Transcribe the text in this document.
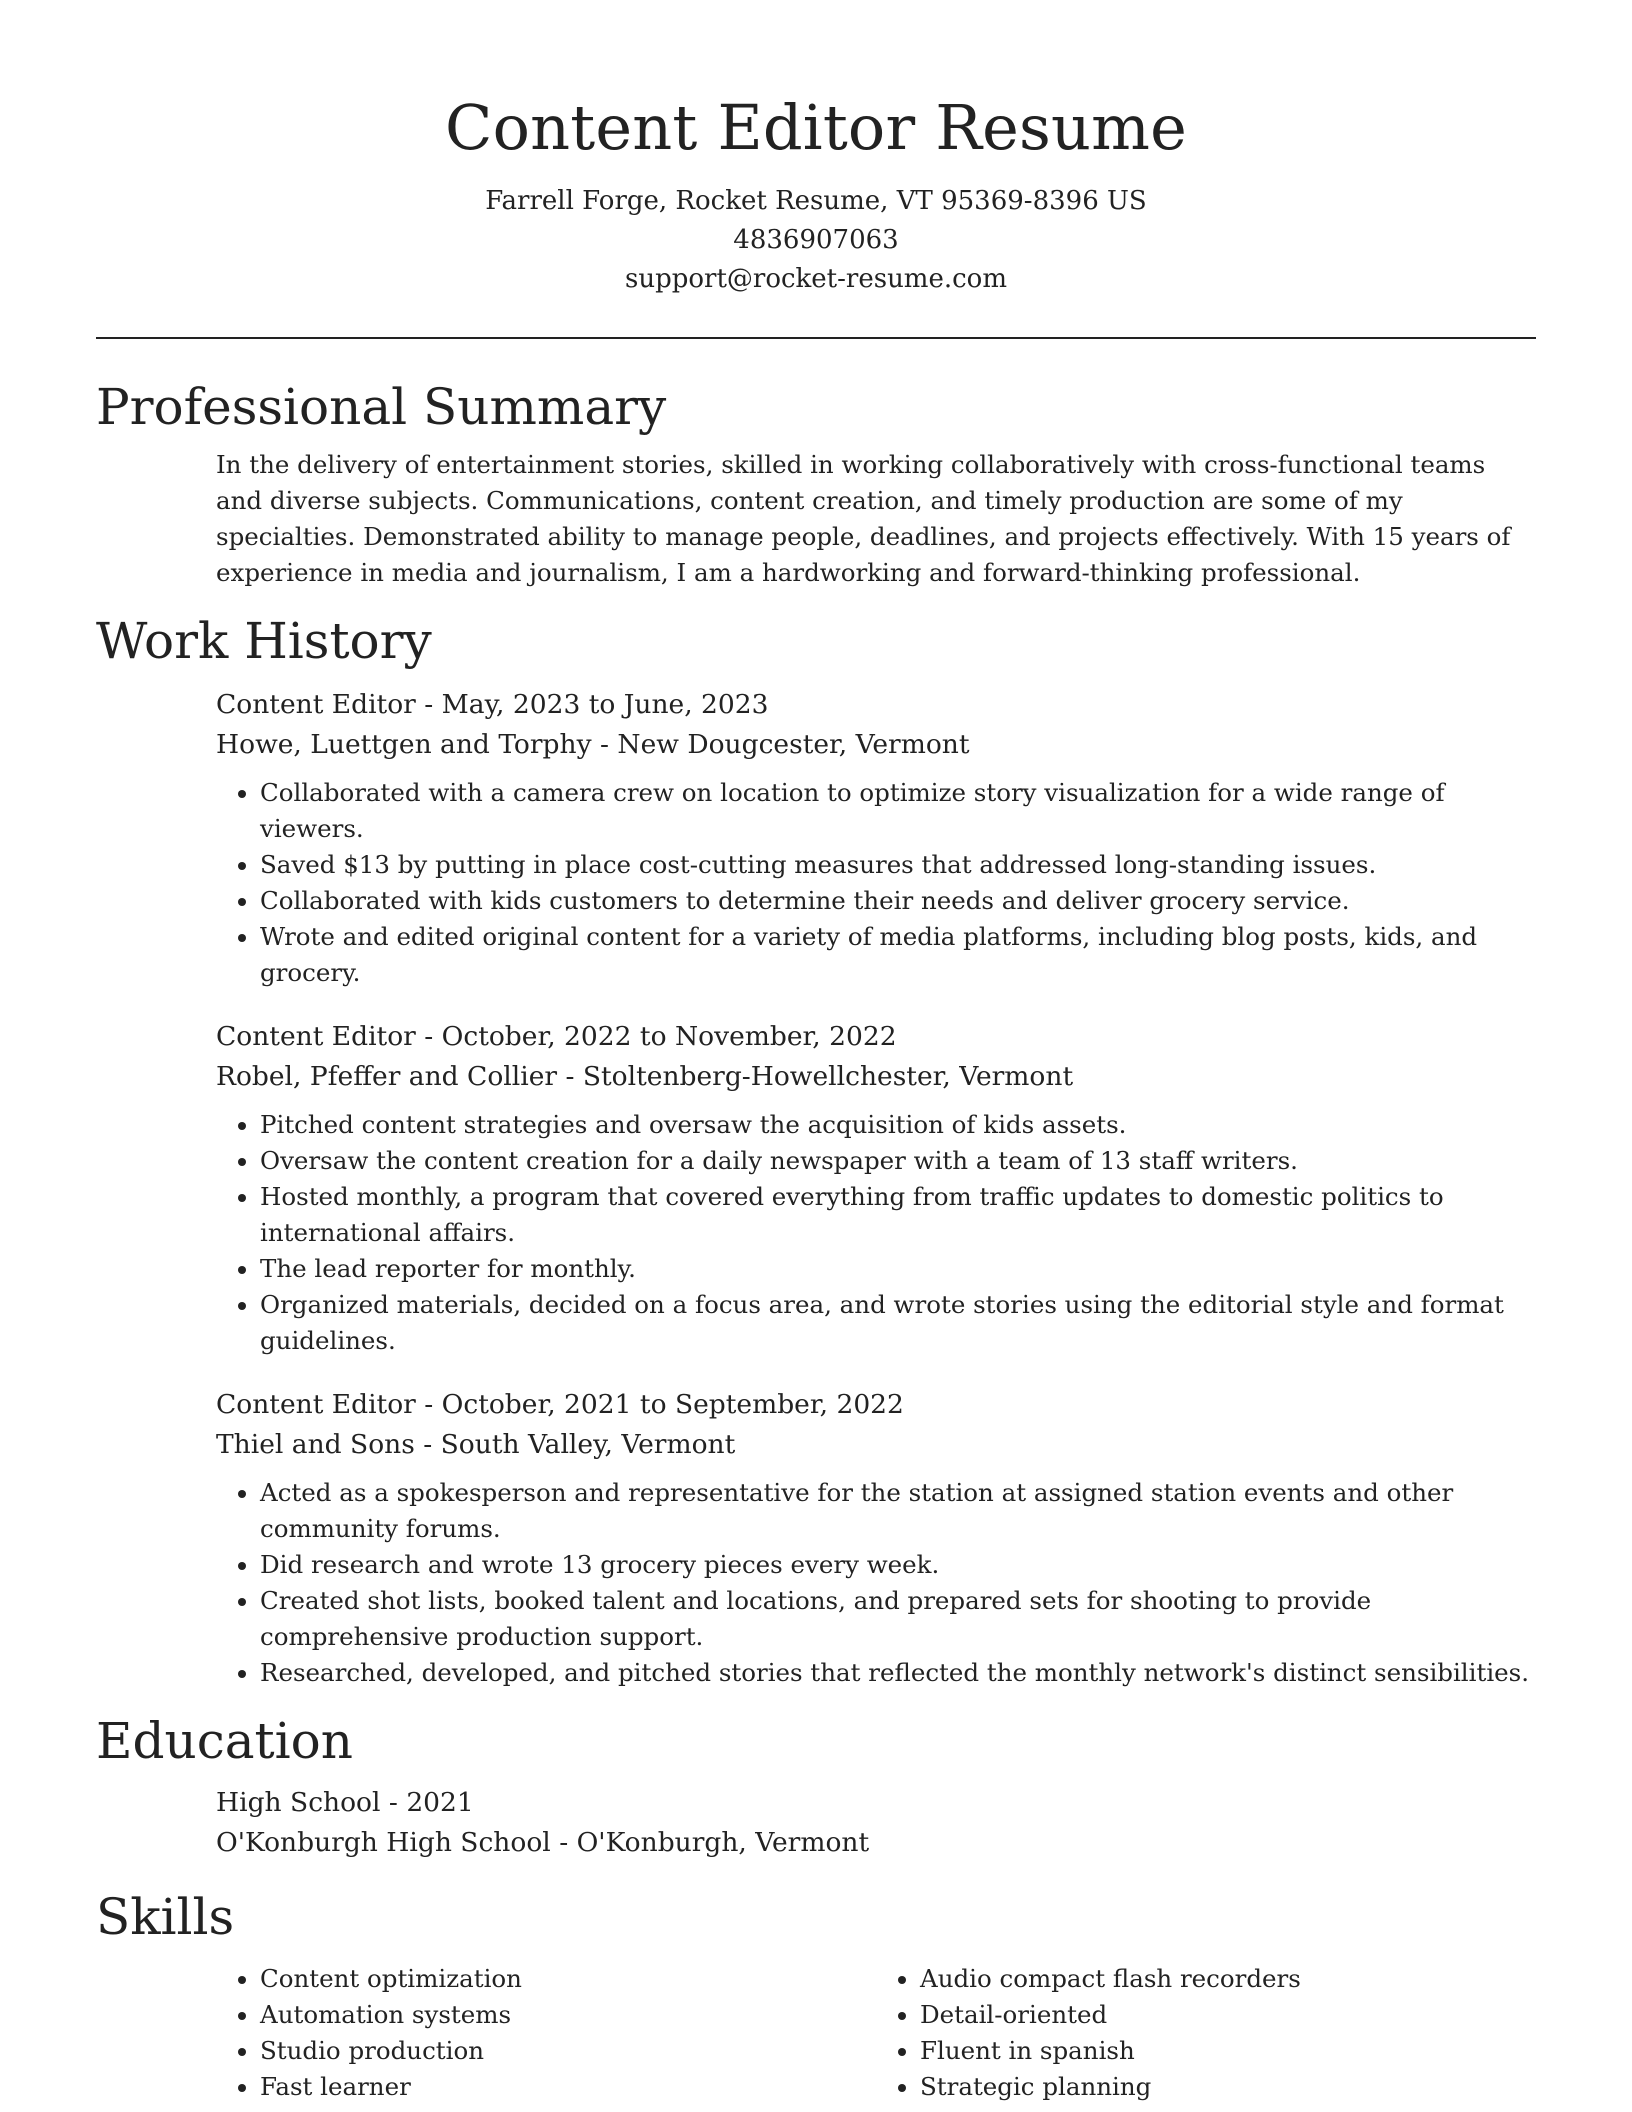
Content Editor Resume
Farrell Forge, Rocket Resume, VT 95369-8396 US
4836907063
support@rocket-resume.com
Professional Summary

In the delivery of entertainment stories, skilled in working collaboratively with cross-functional teams and diverse subjects. Communications, content creation, and timely production are some of my specialties. Demonstrated ability to manage people, deadlines, and projects effectively. With 15 years of experience in media and journalism, I am a hardworking and forward-thinking professional.

Work History

Content Editor - May, 2023 to June, 2023

Howe, Luettgen and Torphy - New Dougcester, Vermont

• Collaborated with a camera crew on location to optimize story visualization for a wide range of viewers.
• Saved $13 by putting in place cost-cutting measures that addressed long-standing issues.
• Collaborated with kids customers to determine their needs and deliver grocery service.
• Wrote and edited original content for a variety of media platforms, including blog posts, kids, and grocery.

Content Editor - October, 2022 to November, 2022

Robel, Pfeffer and Collier - Stoltenberg-Howellchester, Vermont

• Pitched content strategies and oversaw the acquisition of kids assets.
• Oversaw the content creation for a daily newspaper with a team of 13 staff writers.
• Hosted monthly, a program that covered everything from traffic updates to domestic politics to international affairs.
• The lead reporter for monthly.
• Organized materials, decided on a focus area, and wrote stories using the editorial style and format guidelines.

Content Editor - October, 2021 to September, 2022

Thiel and Sons - South Valley, Vermont

• Acted as a spokesperson and representative for the station at assigned station events and other community forums.
• Did research and wrote 13 grocery pieces every week.
• Created shot lists, booked talent and locations, and prepared sets for shooting to provide comprehensive production support.
• Researched, developed, and pitched stories that reflected the monthly network's distinct sensibilities.
Education

High School - 2021

O'Konburgh High School - O'Konburgh, Vermont

Skills
• Content optimization
• Automation systems
• Studio production
• Fast learner
• Audio compact flash recorders
• Detail-oriented
• Fluent in spanish
• Strategic planning
